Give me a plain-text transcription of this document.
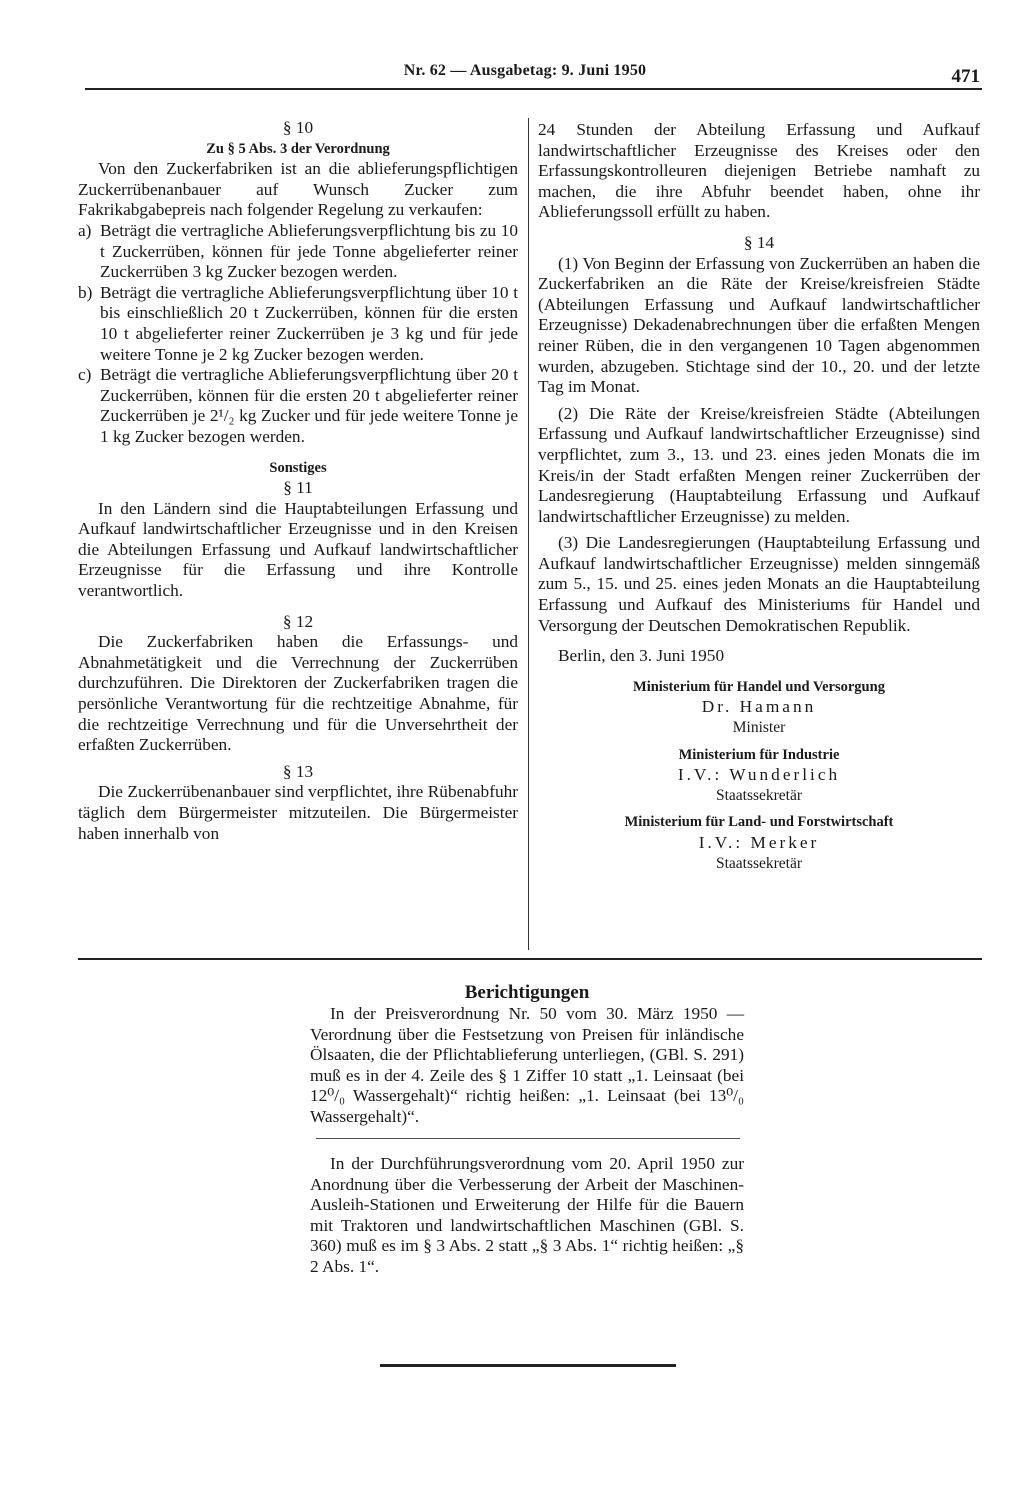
Nr. 62 — Ausgabetag: 9. Juni 1950	471

§ 10

Zu § 5 Abs. 3 der Verordnung

Von den Zuckerfabriken ist an die ablieferungspflichtigen Zuckerrübenanbauer auf Wunsch Zucker zum Fakrikabgabepreis nach folgender Regelung zu verkaufen:

a) Beträgt die vertragliche Ablieferungsverpflichtung bis zu 10 t Zuckerrüben, können für jede Tonne abgelieferter reiner Zuckerrüben 3 kg Zucker bezogen werden.
b) Beträgt die vertragliche Ablieferungsverpflichtung über 10 t bis einschließlich 20 t Zuckerrüben, können für die ersten 10 t abgelieferter reiner Zuckerrüben je 3 kg und für jede weitere Tonne je 2 kg Zucker bezogen werden.
c) Beträgt die vertragliche Ablieferungsverpflichtung über 20 t Zuckerrüben, können für die ersten 20 t abgelieferter reiner Zuckerrüben je 2¹/₂ kg Zucker und für jede weitere Tonne je 1 kg Zucker bezogen werden.

Sonstiges

§ 11

In den Ländern sind die Hauptabteilungen Erfassung und Aufkauf landwirtschaftlicher Erzeugnisse und in den Kreisen die Abteilungen Erfassung und Aufkauf landwirtschaftlicher Erzeugnisse für die Erfassung und ihre Kontrolle verantwortlich.

§ 12

Die Zuckerfabriken haben die Erfassungs- und Abnahmetätigkeit und die Verrechnung der Zuckerrüben durchzuführen. Die Direktoren der Zuckerfabriken tragen die persönliche Verantwortung für die rechtzeitige Abnahme, für die rechtzeitige Verrechnung und für die Unversehrtheit der erfaßten Zuckerrüben.

§ 13

Die Zuckerrübenanbauer sind verpflichtet, ihre Rübenabfuhr täglich dem Bürgermeister mitzuteilen. Die Bürgermeister haben innerhalb von

24 Stunden der Abteilung Erfassung und Aufkauf landwirtschaftlicher Erzeugnisse des Kreises oder den Erfassungskontrolleuren diejenigen Betriebe namhaft zu machen, die ihre Abfuhr beendet haben, ohne ihr Ablieferungssoll erfüllt zu haben.

§ 14

(1) Von Beginn der Erfassung von Zuckerrüben an haben die Zuckerfabriken an die Räte der Kreise/kreisfreien Städte (Abteilungen Erfassung und Aufkauf landwirtschaftlicher Erzeugnisse) Dekadenabrechnungen über die erfaßten Mengen reiner Rüben, die in den vergangenen 10 Tagen abgenommen wurden, abzugeben. Stichtage sind der 10., 20. und der letzte Tag im Monat.

(2) Die Räte der Kreise/kreisfreien Städte (Abteilungen Erfassung und Aufkauf landwirtschaftlicher Erzeugnisse) sind verpflichtet, zum 3., 13. und 23. eines jeden Monats die im Kreis/in der Stadt erfaßten Mengen reiner Zuckerrüben der Landesregierung (Hauptabteilung Erfassung und Aufkauf landwirtschaftlicher Erzeugnisse) zu melden.

(3) Die Landesregierungen (Hauptabteilung Erfassung und Aufkauf landwirtschaftlicher Erzeugnisse) melden sinngemäß zum 5., 15. und 25. eines jeden Monats an die Hauptabteilung Erfassung und Aufkauf des Ministeriums für Handel und Versorgung der Deutschen Demokratischen Republik.

Berlin, den 3. Juni 1950

Ministerium für Handel und Versorgung
Dr. Hamann
Minister
Ministerium für Industrie
I.V.: Wunderlich
Staatssekretär
Ministerium für Land- und Forstwirtschaft
I.V.: Merker
Staatssekretär
Berichtigungen

In der Preisverordnung Nr. 50 vom 30. März 1950 — Verordnung über die Festsetzung von Preisen für inländische Ölsaaten, die der Pflichtablieferung unterliegen, (GBl. S. 291) muß es in der 4. Zeile des § 1 Ziffer 10 statt „1. Leinsaat (bei 12⁰/₀ Wassergehalt)“ richtig heißen: „1. Leinsaat (bei 13⁰/₀ Wassergehalt)“.

In der Durchführungsverordnung vom 20. April 1950 zur Anordnung über die Verbesserung der Arbeit der Maschinen-Ausleih-Stationen und Erweiterung der Hilfe für die Bauern mit Traktoren und landwirtschaftlichen Maschinen (GBl. S. 360) muß es im § 3 Abs. 2 statt „§ 3 Abs. 1“ richtig heißen: „§ 2 Abs. 1“.
